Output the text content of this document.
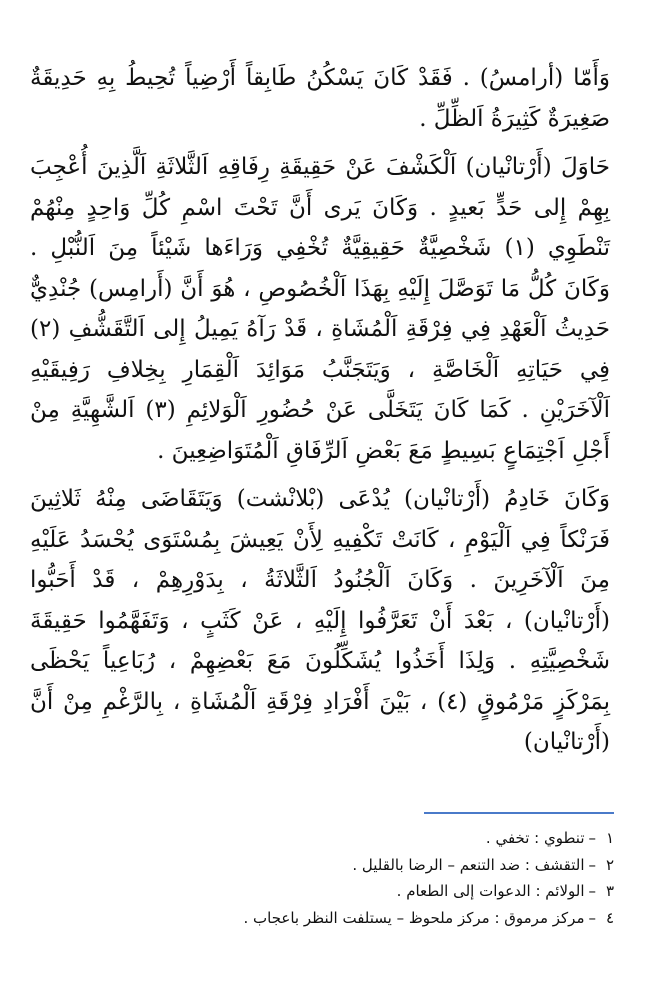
وَأَمّا (أرامسُ) . فَقَدْ كَانَ يَسْكُنُ طَابِقاً أَرْضِياً تُحِيطُ بِهِ حَدِيقَةٌ صَغِيرَةٌ كَثِيرَةُ اَلظِّلِّ .

حَاوَلَ (أَرْتانْيان) اَلْكَشْفَ عَنْ حَقِيقَةِ رِفَاقِهِ اَلثَّلاثَةِ اَلَّذِينَ أُعْجِبَ بِهِمْ إِلى حَدٍّ بَعيدٍ . وَكَانَ يَرى أَنَّ تَحْتَ اسْمِ كُلِّ وَاحِدٍ مِنْهُمْ تَنْطَوِي (١) شَخْصِيَّةٌ حَقِيقِيَّةٌ تُخْفِي وَرَاءَها شَيْئاً مِنَ اَلنُّبْلِ . وَكَانَ كُلُّ مَا تَوَصَّلَ إِلَيْهِ بِهَذَا اَلْخُصُوصِ ، هُوَ أَنَّ (أَرامِس) جُنْدِيٌّ حَدِيثُ اَلْعَهْدِ فِي فِرْقَةِ اَلْمُشَاةِ ، قَدْ رَآهُ يَمِيلُ إِلى اَلتَّقَشُّفِ (٢) فِي حَيَاتِهِ اَلْخَاصَّةِ ، وَيَتَجَنَّبُ مَوَائِدَ اَلْقِمَارِ بِخِلافِ رَفِيقَيْهِ اَلْآخَرَيْنِ . كَمَا كَانَ يَتَخَلَّى عَنْ حُضُورِ اَلْوَلائِمِ (٣) اَلشَّهِيَّةِ مِنْ أَجْلِ اَجْتِمَاعٍ بَسِيطٍ مَعَ بَعْضِ اَلرِّفَاقِ اَلْمُتَوَاضِعِينَ .

وَكَانَ خَادِمُ (أَرْتانْيان) يُدْعَى (بْلانْشت) وَيَتَقَاضَى مِنْهُ ثَلاثِينَ فَرَنْكاً فِي اَلْيَوْمِ ، كَانَتْ تَكْفِيهِ لِأَنْ يَعِيشَ بِمُسْتَوَى يُحْسَدُ عَلَيْهِ مِنَ اَلْآخَرِينَ . وَكَانَ اَلْجُنُودُ اَلثَّلاثَةُ ، بِدَوْرِهِمْ ، قَدْ أَحَبُّوا (أَرْتانْيان) ، بَعْدَ أَنْ تَعَرَّفُوا إِلَيْهِ ، عَنْ كَثَبٍ ، وَتَفَهَّمُوا حَقِيقَةَ شَخْصِيَّتِهِ . وَلِذَا أَخَذُوا يُشَكِّلُونَ مَعَ بَعْضِهِمْ ، رُبَاعِياً يَحْظَى بِمَرْكَزٍ مَرْمُوقٍ (٤) ، بَيْنَ أَفْرَادِ فِرْقَةِ اَلْمُشَاةِ ، بِالرَّغْمِ مِنْ أَنَّ (أَرْتانْيان)

١–تنطوي : تخفي .
٢–التقشف : ضد التنعم – الرضا بالقليل .
٣–الولائم : الدعوات إلى الطعام .
٤–مركز مرموق : مركز ملحوظ – يستلفت النظر باعجاب .
